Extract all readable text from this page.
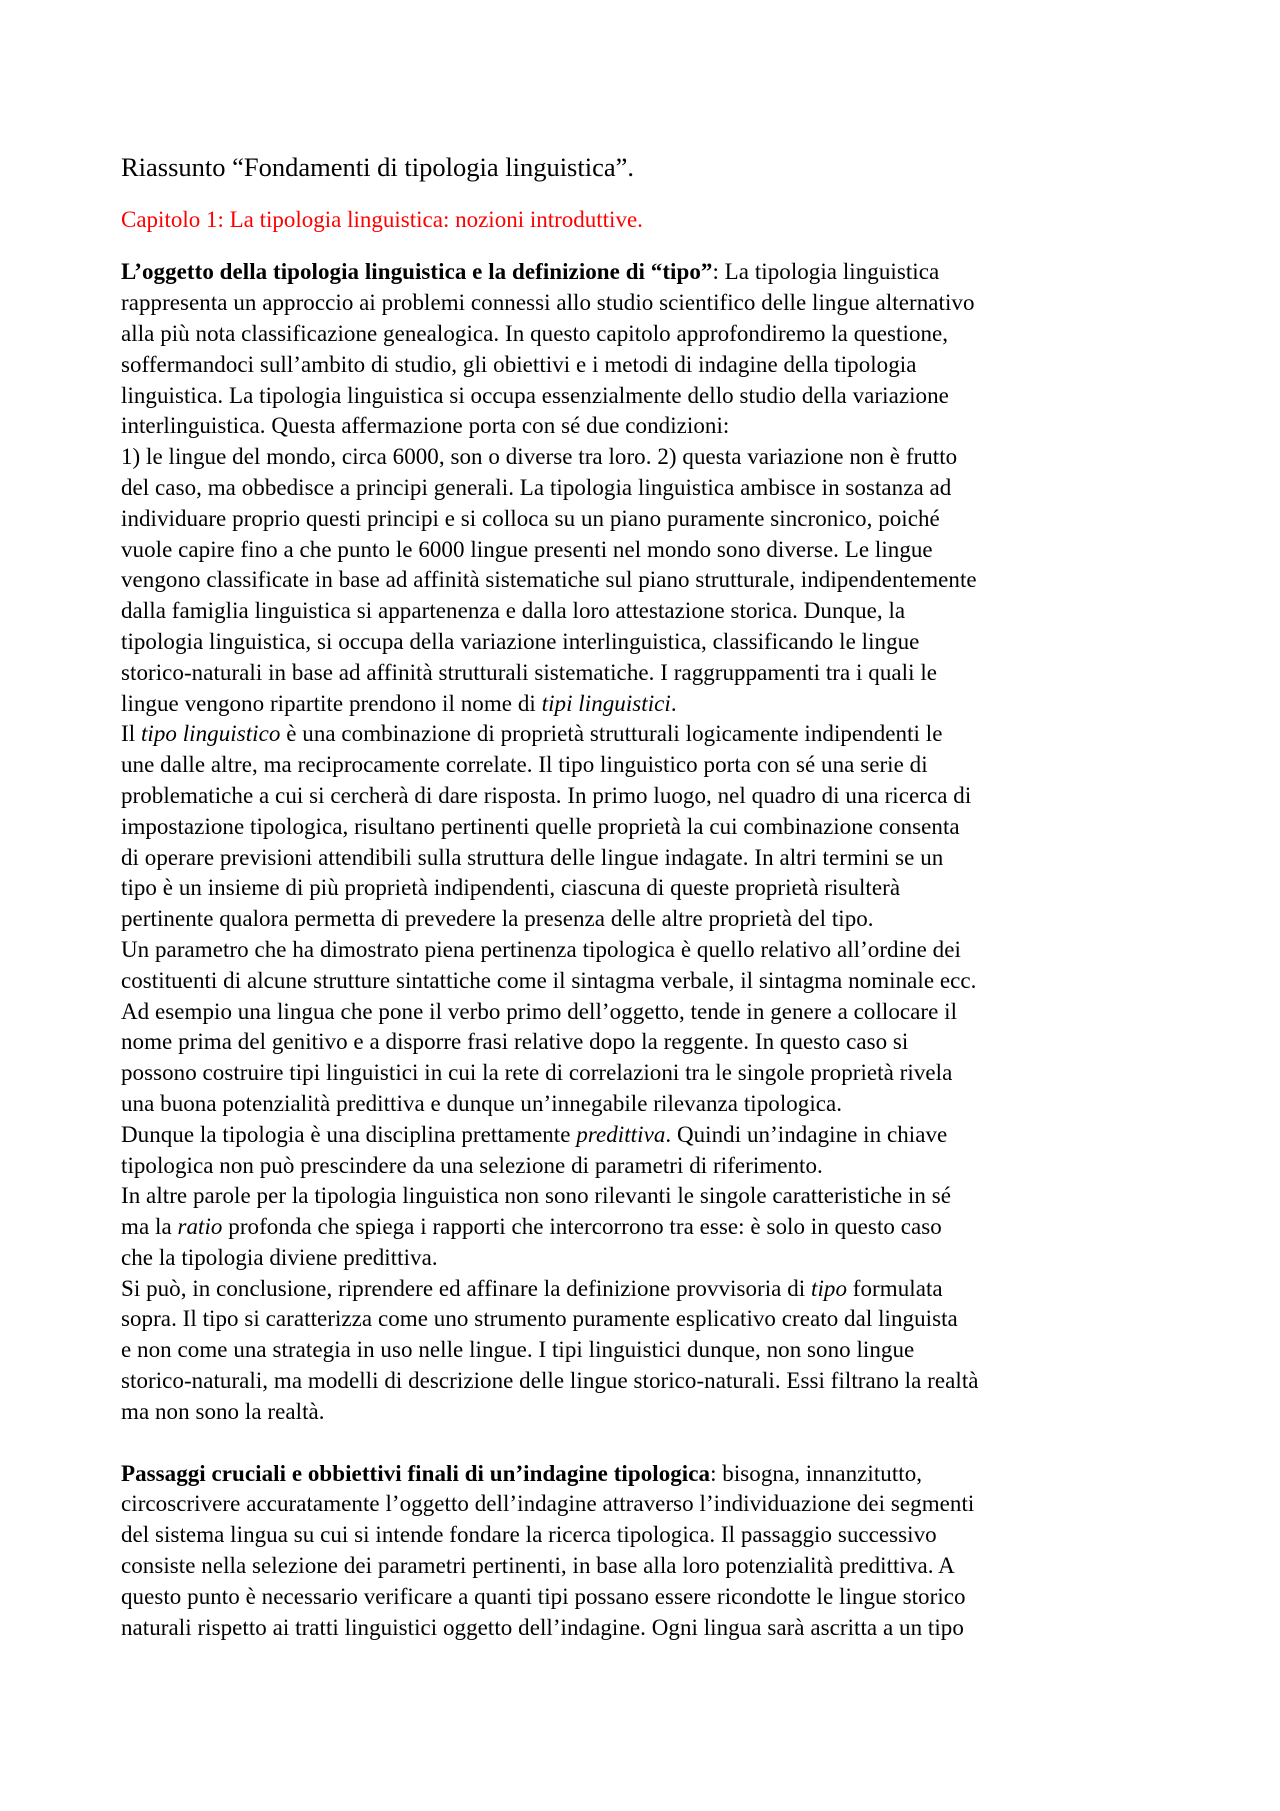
Riassunto “Fondamenti di tipologia linguistica”.
Capitolo 1: La tipologia linguistica: nozioni introduttive.
L’oggetto della tipologia linguistica e la definizione di “tipo”: La tipologia linguistica
rappresenta un approccio ai problemi connessi allo studio scientifico delle lingue alternativo
alla più nota classificazione genealogica. In questo capitolo approfondiremo la questione,
soffermandoci sull’ambito di studio, gli obiettivi e i metodi di indagine della tipologia
linguistica. La tipologia linguistica si occupa essenzialmente dello studio della variazione
interlinguistica. Questa affermazione porta con sé due condizioni:
1) le lingue del mondo, circa 6000, son o diverse tra loro. 2) questa variazione non è frutto
del caso, ma obbedisce a principi generali. La tipologia linguistica ambisce in sostanza ad
individuare proprio questi principi e si colloca su un piano puramente sincronico, poiché
vuole capire fino a che punto le 6000 lingue presenti nel mondo sono diverse. Le lingue
vengono classificate in base ad affinità sistematiche sul piano strutturale, indipendentemente
dalla famiglia linguistica si appartenenza e dalla loro attestazione storica. Dunque, la
tipologia linguistica, si occupa della variazione interlinguistica, classificando le lingue
storico-naturali in base ad affinità strutturali sistematiche. I raggruppamenti tra i quali le
lingue vengono ripartite prendono il nome di tipi linguistici.
Il tipo linguistico è una combinazione di proprietà strutturali logicamente indipendenti le
une dalle altre, ma reciprocamente correlate. Il tipo linguistico porta con sé una serie di
problematiche a cui si cercherà di dare risposta. In primo luogo, nel quadro di una ricerca di
impostazione tipologica, risultano pertinenti quelle proprietà la cui combinazione consenta
di operare previsioni attendibili sulla struttura delle lingue indagate. In altri termini se un
tipo è un insieme di più proprietà indipendenti, ciascuna di queste proprietà risulterà
pertinente qualora permetta di prevedere la presenza delle altre proprietà del tipo.
Un parametro che ha dimostrato piena pertinenza tipologica è quello relativo all’ordine dei
costituenti di alcune strutture sintattiche come il sintagma verbale, il sintagma nominale ecc.
Ad esempio una lingua che pone il verbo primo dell’oggetto, tende in genere a collocare il
nome prima del genitivo e a disporre frasi relative dopo la reggente. In questo caso si
possono costruire tipi linguistici in cui la rete di correlazioni tra le singole proprietà rivela
una buona potenzialità predittiva e dunque un’innegabile rilevanza tipologica.
Dunque la tipologia è una disciplina prettamente predittiva. Quindi un’indagine in chiave
tipologica non può prescindere da una selezione di parametri di riferimento.
In altre parole per la tipologia linguistica non sono rilevanti le singole caratteristiche in sé
ma la ratio profonda che spiega i rapporti che intercorrono tra esse: è solo in questo caso
che la tipologia diviene predittiva.
Si può, in conclusione, riprendere ed affinare la definizione provvisoria di tipo formulata
sopra. Il tipo si caratterizza come uno strumento puramente esplicativo creato dal linguista
e non come una strategia in uso nelle lingue. I tipi linguistici dunque, non sono lingue
storico-naturali, ma modelli di descrizione delle lingue storico-naturali. Essi filtrano la realtà
ma non sono la realtà.
Passaggi cruciali e obbiettivi finali di un’indagine tipologica: bisogna, innanzitutto,
circoscrivere accuratamente l’oggetto dell’indagine attraverso l’individuazione dei segmenti
del sistema lingua su cui si intende fondare la ricerca tipologica. Il passaggio successivo
consiste nella selezione dei parametri pertinenti, in base alla loro potenzialità predittiva. A
questo punto è necessario verificare a quanti tipi possano essere ricondotte le lingue storico
naturali rispetto ai tratti linguistici oggetto dell’indagine. Ogni lingua sarà ascritta a un tipo
